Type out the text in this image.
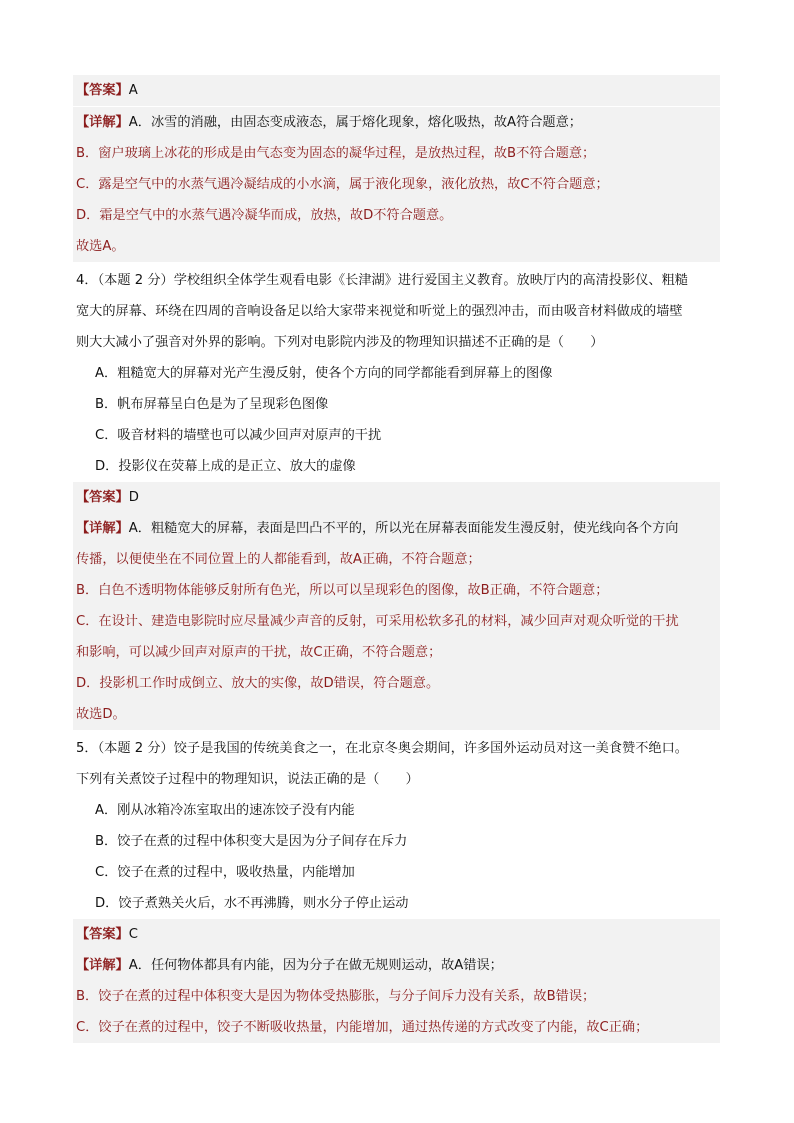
【答案】A
【详解】A．冰雪的消融，由固态变成液态，属于熔化现象，熔化吸热，故A符合题意；
B．窗户玻璃上冰花的形成是由气态变为固态的凝华过程，是放热过程，故B不符合题意；
C．露是空气中的水蒸气遇冷凝结成的小水滴，属于液化现象，液化放热，故C不符合题意；
D．霜是空气中的水蒸气遇冷凝华而成，放热，故D不符合题意。
故选A。
4．（本题 2 分）学校组织全体学生观看电影《长津湖》进行爱国主义教育。放映厅内的高清投影仪、粗糙
宽大的屏幕、环绕在四周的音响设备足以给大家带来视觉和听觉上的强烈冲击，而由吸音材料做成的墙壁
则大大减小了强音对外界的影响。下列对电影院内涉及的物理知识描述不正确的是（　　）
A．粗糙宽大的屏幕对光产生漫反射，使各个方向的同学都能看到屏幕上的图像
B．帆布屏幕呈白色是为了呈现彩色图像
C．吸音材料的墙壁也可以减少回声对原声的干扰
D．投影仪在荧幕上成的是正立、放大的虚像
【答案】D
【详解】A．粗糙宽大的屏幕，表面是凹凸不平的，所以光在屏幕表面能发生漫反射，使光线向各个方向
传播，以便使坐在不同位置上的人都能看到，故A正确，不符合题意；
B．白色不透明物体能够反射所有色光，所以可以呈现彩色的图像，故B正确，不符合题意；
C．在设计、建造电影院时应尽量减少声音的反射，可采用松软多孔的材料，减少回声对观众听觉的干扰
和影响，可以减少回声对原声的干扰，故C正确，不符合题意；
D．投影机工作时成倒立、放大的实像，故D错误，符合题意。
故选D。
5．（本题 2 分）饺子是我国的传统美食之一，在北京冬奥会期间，许多国外运动员对这一美食赞不绝口。
下列有关煮饺子过程中的物理知识，说法正确的是（　　）
A．刚从冰箱冷冻室取出的速冻饺子没有内能
B．饺子在煮的过程中体积变大是因为分子间存在斥力
C．饺子在煮的过程中，吸收热量，内能增加
D．饺子煮熟关火后，水不再沸腾，则水分子停止运动
【答案】C
【详解】A．任何物体都具有内能，因为分子在做无规则运动，故A错误；
B．饺子在煮的过程中体积变大是因为物体受热膨胀，与分子间斥力没有关系，故B错误；
C．饺子在煮的过程中，饺子不断吸收热量，内能增加，通过热传递的方式改变了内能，故C正确；
